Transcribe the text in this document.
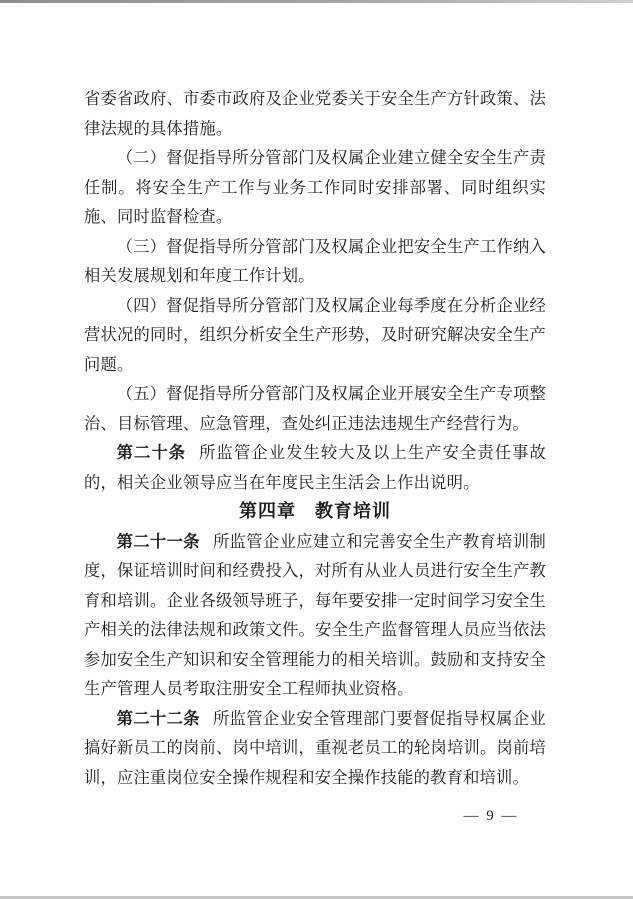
省委省政府、市委市政府及企业党委关于安全生产方针政策、法律法规的具体措施。

（二）督促指导所分管部门及权属企业建立健全安全生产责任制。将安全生产工作与业务工作同时安排部署、同时组织实施、同时监督检查。

（三）督促指导所分管部门及权属企业把安全生产工作纳入相关发展规划和年度工作计划。

（四）督促指导所分管部门及权属企业每季度在分析企业经营状况的同时，组织分析安全生产形势，及时研究解决安全生产问题。

（五）督促指导所分管部门及权属企业开展安全生产专项整治、目标管理、应急管理，查处纠正违法违规生产经营行为。

第二十条 所监管企业发生较大及以上生产安全责任事故的，相关企业领导应当在年度民主生活会上作出说明。

第四章　教育培训

第二十一条 所监管企业应建立和完善安全生产教育培训制度，保证培训时间和经费投入，对所有从业人员进行安全生产教育和培训。企业各级领导班子，每年要安排一定时间学习安全生产相关的法律法规和政策文件。安全生产监督管理人员应当依法参加安全生产知识和安全管理能力的相关培训。鼓励和支持安全生产管理人员考取注册安全工程师执业资格。

第二十二条 所监管企业安全管理部门要督促指导权属企业搞好新员工的岗前、岗中培训，重视老员工的轮岗培训。岗前培训，应注重岗位安全操作规程和安全操作技能的教育和培训。

— 9 —
